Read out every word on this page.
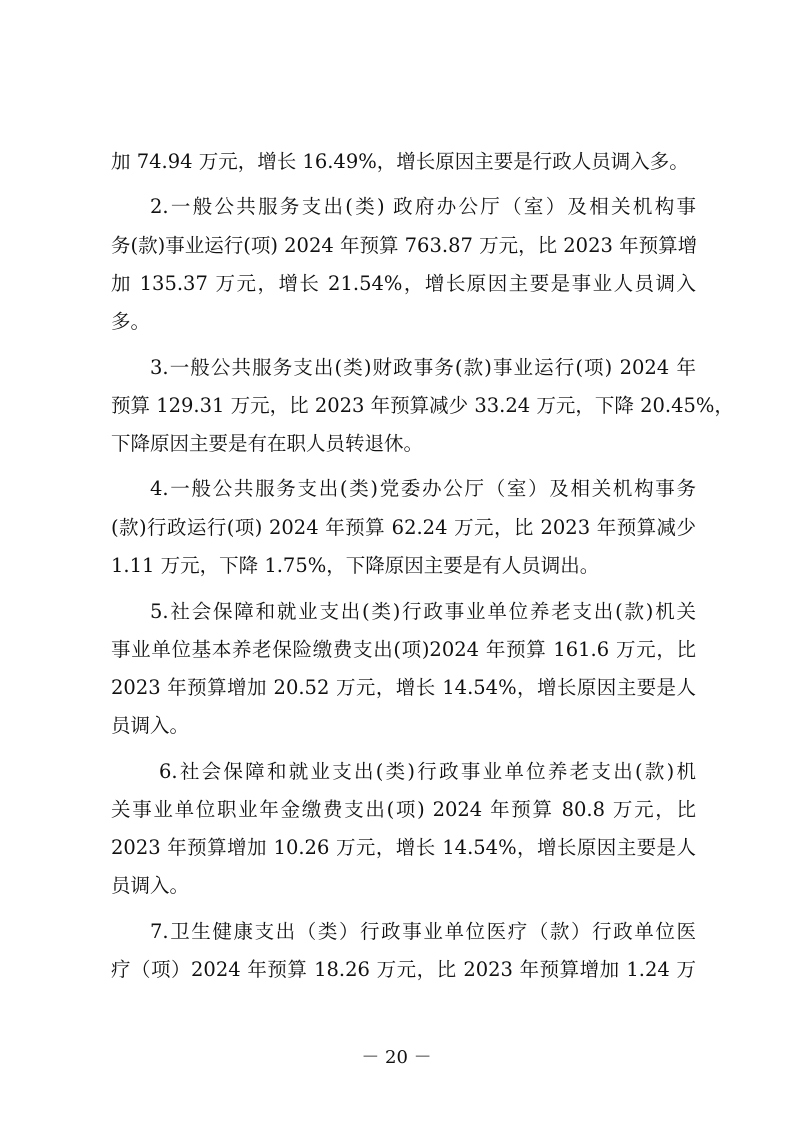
加 74.94 万元，增长 16.49%，增长原因主要是行政人员调入多。
2.一般公共服务支出(类) 政府办公厅（室）及相关机构事
务(款)事业运行(项) 2024 年预算 763.87 万元，比 2023 年预算增
加 135.37 万元，增长 21.54%，增长原因主要是事业人员调入
多。
3.一般公共服务支出(类)财政事务(款)事业运行(项) 2024 年
预算 129.31 万元，比 2023 年预算减少 33.24 万元，下降 20.45%，
下降原因主要是有在职人员转退休。
4.一般公共服务支出(类)党委办公厅（室）及相关机构事务
(款)行政运行(项) 2024 年预算 62.24 万元，比 2023 年预算减少
1.11 万元，下降 1.75%，下降原因主要是有人员调出。
5.社会保障和就业支出(类)行政事业单位养老支出(款)机关
事业单位基本养老保险缴费支出(项)2024 年预算 161.6 万元，比
2023 年预算增加 20.52 万元，增长 14.54%，增长原因主要是人
员调入。
6.社会保障和就业支出(类)行政事业单位养老支出(款)机
关事业单位职业年金缴费支出(项) 2024 年预算 80.8 万元，比
2023 年预算增加 10.26 万元，增长 14.54%，增长原因主要是人
员调入。
7.卫生健康支出（类）行政事业单位医疗（款）行政单位医
疗（项）2024 年预算 18.26 万元，比 2023 年预算增加 1.24 万
－ 20 －
